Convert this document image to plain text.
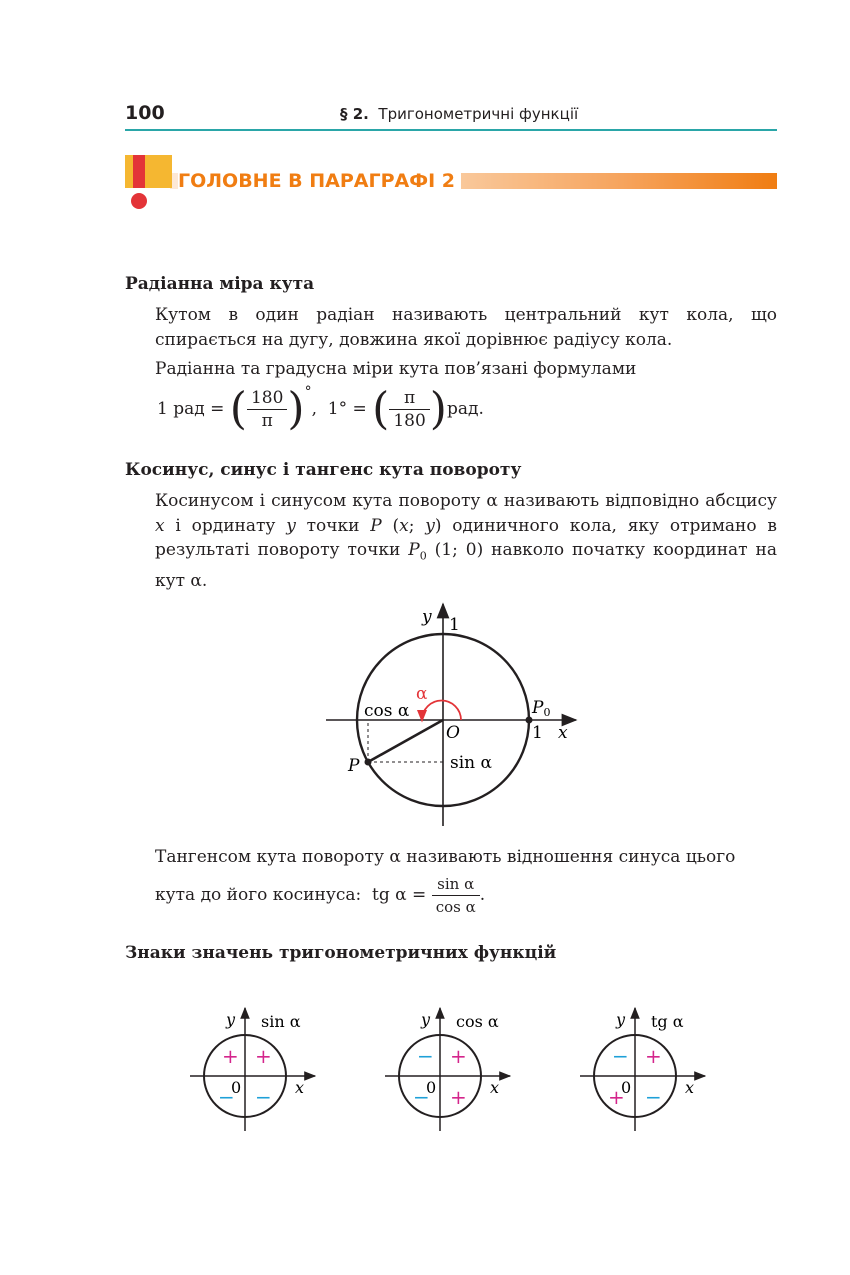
100	§ 2. Тригонометричні функції
ГОЛОВНЕ В ПАРАГРАФІ 2
Радіанна міра кута
Кутом в один радіан називають центральний кут кола, що спирається на дугу, довжина якої дорівнює радіусу кола.
Радіанна та градусна міри кута пов’язані формулами
1 рад = ( $\frac{180}{\pi} )^\circ$,  1° = ( $\frac{\pi}{180} )рад$.
Косинус, синус і тангенс кута повороту
Косинусом і синусом кута повороту α називають відповідно абсцису x і ординату y точки P (x; y) одиничного кола, яку отримано в результаті повороту точки $P_0$ (1; 0) навколо початку координат на кут α.
y 1
x
1
O
α
cos α
sin α
P
P0
Тангенсом кута повороту α називають відношення синуса цього
кута до його косинуса: tg $\alpha = \frac{\text{sin α}}{\text{cos α}}$ .
Знаки значень тригонометричних функцій
y
x
0
sin α
+
+
− −
y
x
0
cos α
+
−
− +
y
x
0
tg α
+
−
+ −
